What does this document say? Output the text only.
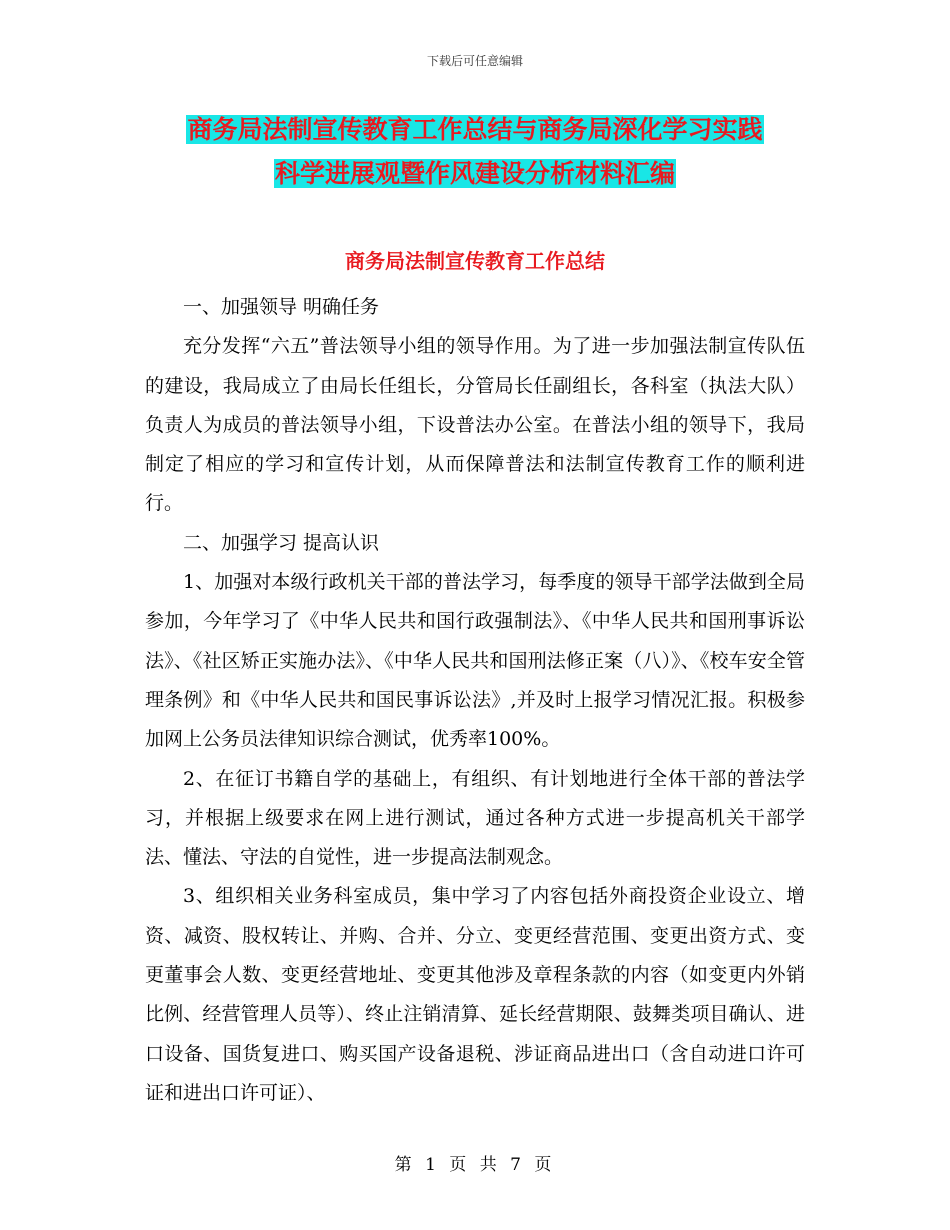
下载后可任意编辑
商务局法制宣传教育工作总结与商务局深化学习实践
科学进展观暨作风建设分析材料汇编
商务局法制宣传教育工作总结

一、加强领导 明确任务

充分发挥“六五”普法领导小组的领导作用。为了进一步加强法制宣传队伍的建设，我局成立了由局长任组长，分管局长任副组长，各科室（执法大队）负责人为成员的普法领导小组，下设普法办公室。在普法小组的领导下，我局制定了相应的学习和宣传计划，从而保障普法和法制宣传教育工作的顺利进行。

二、加强学习 提高认识

1、加强对本级行政机关干部的普法学习，每季度的领导干部学法做到全局参加，今年学习了《中华人民共和国行政强制法》、《中华人民共和国刑事诉讼法》、《社区矫正实施办法》、《中华人民共和国刑法修正案（八）》、《校车安全管理条例》和《中华人民共和国民事诉讼法》,并及时上报学习情况汇报。积极参加网上公务员法律知识综合测试，优秀率100%。

2、在征订书籍自学的基础上，有组织、有计划地进行全体干部的普法学习，并根据上级要求在网上进行测试，通过各种方式进一步提高机关干部学法、懂法、守法的自觉性，进一步提高法制观念。

3、组织相关业务科室成员，集中学习了内容包括外商投资企业设立、增资、减资、股权转让、并购、合并、分立、变更经营范围、变更出资方式、变更董事会人数、变更经营地址、变更其他涉及章程条款的内容（如变更内外销比例、经营管理人员等）、终止注销清算、延长经营期限、鼓舞类项目确认、进口设备、国货复进口、购买国产设备退税、涉证商品进出口（含自动进口许可证和进出口许可证）、

第 1 页 共 7 页
